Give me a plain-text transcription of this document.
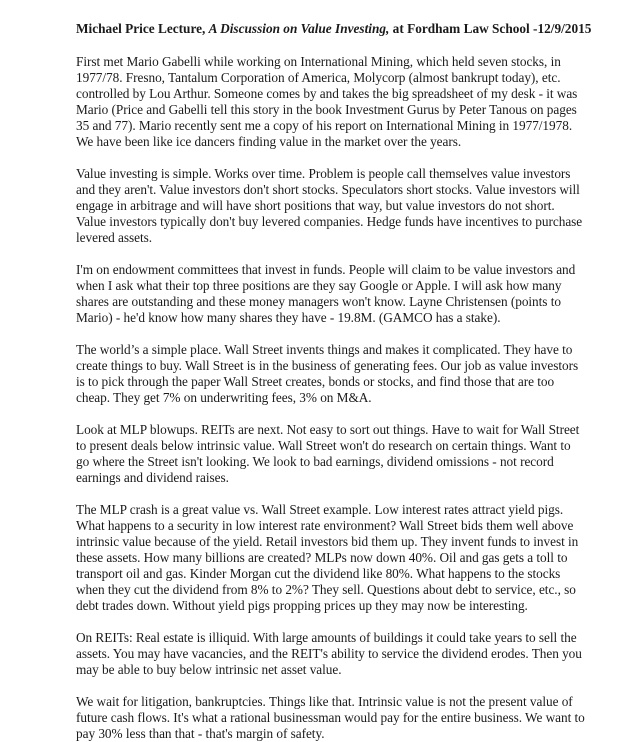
Michael Price Lecture, A Discussion on Value Investing, at Fordham Law School -12/9/2015
First met Mario Gabelli while working on International Mining, which held seven stocks, in
1977/78. Fresno, Tantalum Corporation of America, Molycorp (almost bankrupt today), etc.
controlled by Lou Arthur. Someone comes by and takes the big spreadsheet of my desk - it was
Mario (Price and Gabelli tell this story in the book Investment Gurus by Peter Tanous on pages
35 and 77). Mario recently sent me a copy of his report on International Mining in 1977/1978.
We have been like ice dancers finding value in the market over the years.
Value investing is simple. Works over time. Problem is people call themselves value investors
and they aren't. Value investors don't short stocks. Speculators short stocks. Value investors will
engage in arbitrage and will have short positions that way, but value investors do not short.
Value investors typically don't buy levered companies. Hedge funds have incentives to purchase
levered assets.
I'm on endowment committees that invest in funds. People will claim to be value investors and
when I ask what their top three positions are they say Google or Apple. I will ask how many
shares are outstanding and these money managers won't know. Layne Christensen (points to
Mario) - he'd know how many shares they have - 19.8M. (GAMCO has a stake).
The world’s a simple place. Wall Street invents things and makes it complicated. They have to
create things to buy. Wall Street is in the business of generating fees. Our job as value investors
is to pick through the paper Wall Street creates, bonds or stocks, and find those that are too
cheap. They get 7% on underwriting fees, 3% on M&A.
Look at MLP blowups. REITs are next. Not easy to sort out things. Have to wait for Wall Street
to present deals below intrinsic value. Wall Street won't do research on certain things. Want to
go where the Street isn't looking. We look to bad earnings, dividend omissions - not record
earnings and dividend raises.
The MLP crash is a great value vs. Wall Street example. Low interest rates attract yield pigs.
What happens to a security in low interest rate environment? Wall Street bids them well above
intrinsic value because of the yield. Retail investors bid them up. They invent funds to invest in
these assets. How many billions are created? MLPs now down 40%. Oil and gas gets a toll to
transport oil and gas. Kinder Morgan cut the dividend like 80%. What happens to the stocks
when they cut the dividend from 8% to 2%? They sell. Questions about debt to service, etc., so
debt trades down. Without yield pigs propping prices up they may now be interesting.
On REITs: Real estate is illiquid. With large amounts of buildings it could take years to sell the
assets. You may have vacancies, and the REIT's ability to service the dividend erodes. Then you
may be able to buy below intrinsic net asset value.
We wait for litigation, bankruptcies. Things like that. Intrinsic value is not the present value of
future cash flows. It's what a rational businessman would pay for the entire business. We want to
pay 30% less than that - that's margin of safety.
